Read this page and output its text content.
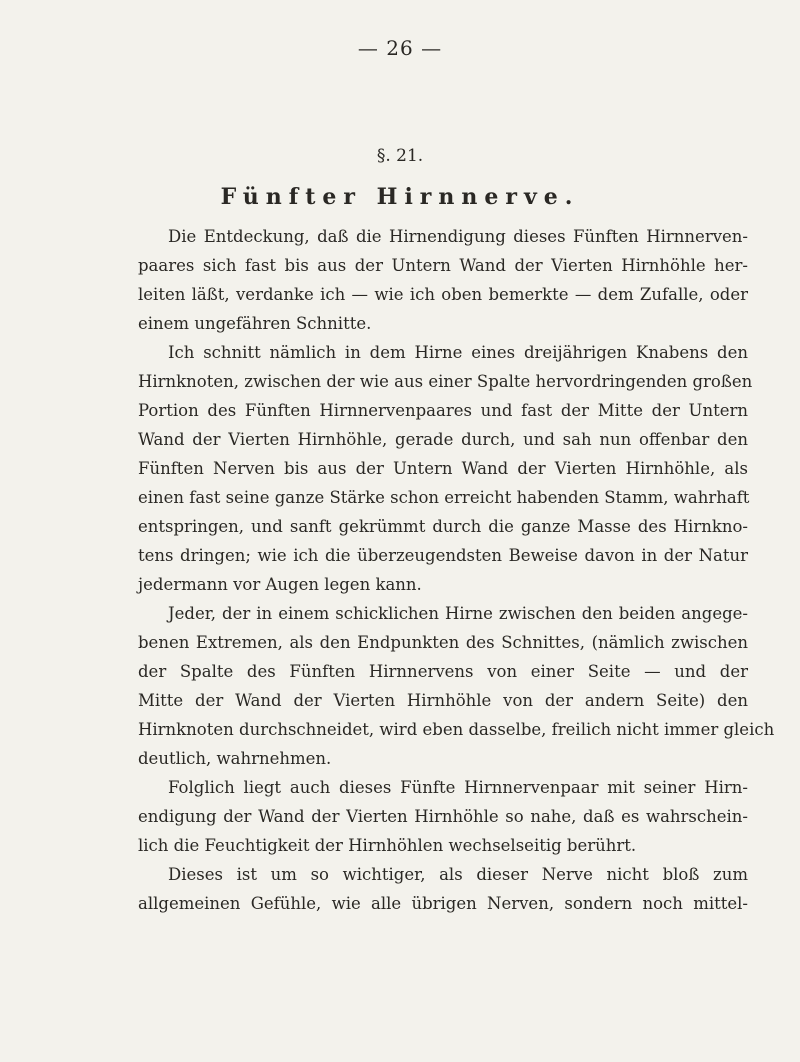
— 26 —
§. 21.
Fünfter Hirnnerve.
Die Entdeckung, daß die Hirnendigung dieses Fünften Hirnnerven-
paares sich fast bis aus der Untern Wand der Vierten Hirnhöhle her-
leiten läßt, verdanke ich — wie ich oben bemerkte — dem Zufalle, oder
einem ungefähren Schnitte.
Ich schnitt nämlich in dem Hirne eines dreijährigen Knabens den
Hirnknoten, zwischen der wie aus einer Spalte hervordringenden großen
Portion des Fünften Hirnnervenpaares und fast der Mitte der Untern
Wand der Vierten Hirnhöhle, gerade durch, und sah nun offenbar den
Fünften Nerven bis aus der Untern Wand der Vierten Hirnhöhle, als
einen fast seine ganze Stärke schon erreicht habenden Stamm, wahrhaft
entspringen, und sanft gekrümmt durch die ganze Masse des Hirnkno-
tens dringen; wie ich die überzeugendsten Beweise davon in der Natur
jedermann vor Augen legen kann.
Jeder, der in einem schicklichen Hirne zwischen den beiden angege-
benen Extremen, als den Endpunkten des Schnittes, (nämlich zwischen
der Spalte des Fünften Hirnnervens von einer Seite — und der
Mitte der Wand der Vierten Hirnhöhle von der andern Seite) den
Hirnknoten durchschneidet, wird eben dasselbe, freilich nicht immer gleich
deutlich, wahrnehmen.
Folglich liegt auch dieses Fünfte Hirnnervenpaar mit seiner Hirn-
endigung der Wand der Vierten Hirnhöhle so nahe, daß es wahrschein-
lich die Feuchtigkeit der Hirnhöhlen wechselseitig berührt.
Dieses ist um so wichtiger, als dieser Nerve nicht bloß zum
allgemeinen Gefühle, wie alle übrigen Nerven, sondern noch mittel-
